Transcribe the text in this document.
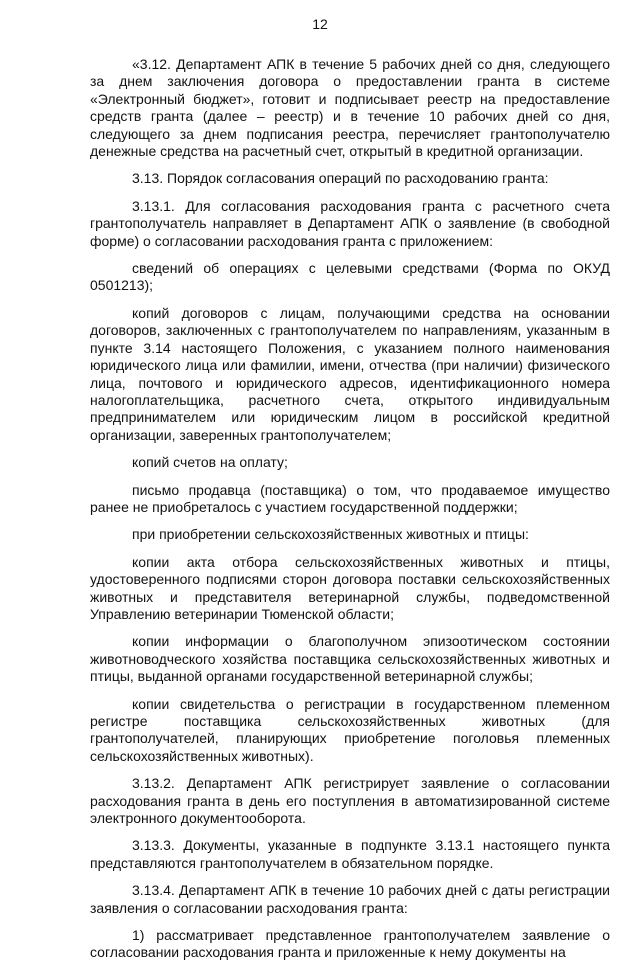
12

«3.12. Департамент АПК в течение 5 рабочих дней со дня, следующего за днем заключения договора о предоставлении гранта в системе «Электронный бюджет», готовит и подписывает реестр на предоставление средств гранта (далее – реестр) и в течение 10 рабочих дней со дня, следующего за днем подписания реестра, перечисляет грантополучателю денежные средства на расчетный счет, открытый в кредитной организации.

3.13. Порядок согласования операций по расходованию гранта:

3.13.1. Для согласования расходования гранта с расчетного счета грантополучатель направляет в Департамент АПК о заявление (в свободной форме) о согласовании расходования гранта с приложением:

сведений об операциях с целевыми средствами (Форма по ОКУД 0501213);

копий договоров с лицам, получающими средства на основании договоров, заключенных с грантополучателем по направлениям, указанным в пункте 3.14 настоящего Положения, с указанием полного наименования юридического лица или фамилии, имени, отчества (при наличии) физического лица, почтового и юридического адресов, идентификационного номера налогоплательщика, расчетного счета, открытого индивидуальным предпринимателем или юридическим лицом в российской кредитной организации, заверенных грантополучателем;

копий счетов на оплату;

письмо продавца (поставщика) о том, что продаваемое имущество ранее не приобреталось с участием государственной поддержки;

при приобретении сельскохозяйственных животных и птицы:

копии акта отбора сельскохозяйственных животных и птицы, удостоверенного подписями сторон договора поставки сельскохозяйственных животных и представителя ветеринарной службы, подведомственной Управлению ветеринарии Тюменской области;

копии информации о благополучном эпизоотическом состоянии животноводческого хозяйства поставщика сельскохозяйственных животных и птицы, выданной органами государственной ветеринарной службы;

копии свидетельства о регистрации в государственном племенном регистре поставщика сельскохозяйственных животных (для грантополучателей, планирующих приобретение поголовья племенных сельскохозяйственных животных).

3.13.2. Департамент АПК регистрирует заявление о согласовании расходования гранта в день его поступления в автоматизированной системе электронного документооборота.

3.13.3. Документы, указанные в подпункте 3.13.1 настоящего пункта представляются грантополучателем в обязательном порядке.

3.13.4. Департамент АПК в течение 10 рабочих дней с даты регистрации заявления о согласовании расходования гранта:

1) рассматривает представленное грантополучателем заявление о согласовании расходования гранта и приложенные к нему документы на
